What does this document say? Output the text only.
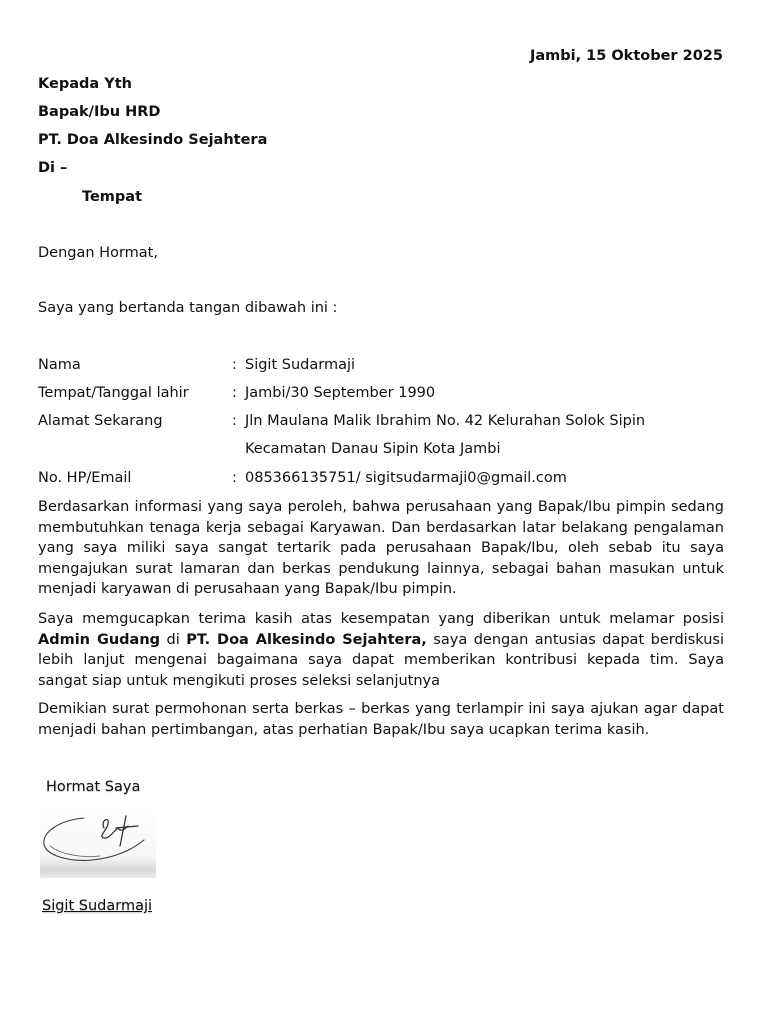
Jambi, 15 Oktober 2025
Kepada Yth
Bapak/Ibu HRD
PT. Doa Alkesindo Sejahtera
Di –
Tempat
Dengan Hormat,
Saya yang bertanda tangan dibawah ini :
Nama	: Sigit Sudarmaji
Tempat/Tanggal lahir	: Jambi/30 September 1990
Alamat Sekarang	: Jln Maulana Malik Ibrahim No. 42 Kelurahan Solok Sipin
Kecamatan Danau Sipin Kota Jambi
No. HP/Email	: 085366135751/ sigitsudarmaji0@gmail.com
Berdasarkan informasi yang saya peroleh, bahwa perusahaan yang Bapak/Ibu pimpin sedang membutuhkan tenaga kerja sebagai Karyawan. Dan berdasarkan latar belakang pengalaman yang saya miliki saya sangat tertarik pada perusahaan Bapak/Ibu, oleh sebab itu saya mengajukan surat lamaran dan berkas pendukung lainnya, sebagai bahan masukan untuk menjadi karyawan di perusahaan yang Bapak/Ibu pimpin.
Saya memgucapkan terima kasih atas kesempatan yang diberikan untuk melamar posisi Admin Gudang di PT. Doa Alkesindo Sejahtera, saya dengan antusias dapat berdiskusi lebih lanjut mengenai bagaimana saya dapat memberikan kontribusi kepada tim. Saya sangat siap untuk mengikuti proses seleksi selanjutnya
Demikian surat permohonan serta berkas – berkas yang terlampir ini saya ajukan agar dapat menjadi bahan pertimbangan, atas perhatian Bapak/Ibu saya ucapkan terima kasih.
Hormat Saya
Sigit Sudarmaji
